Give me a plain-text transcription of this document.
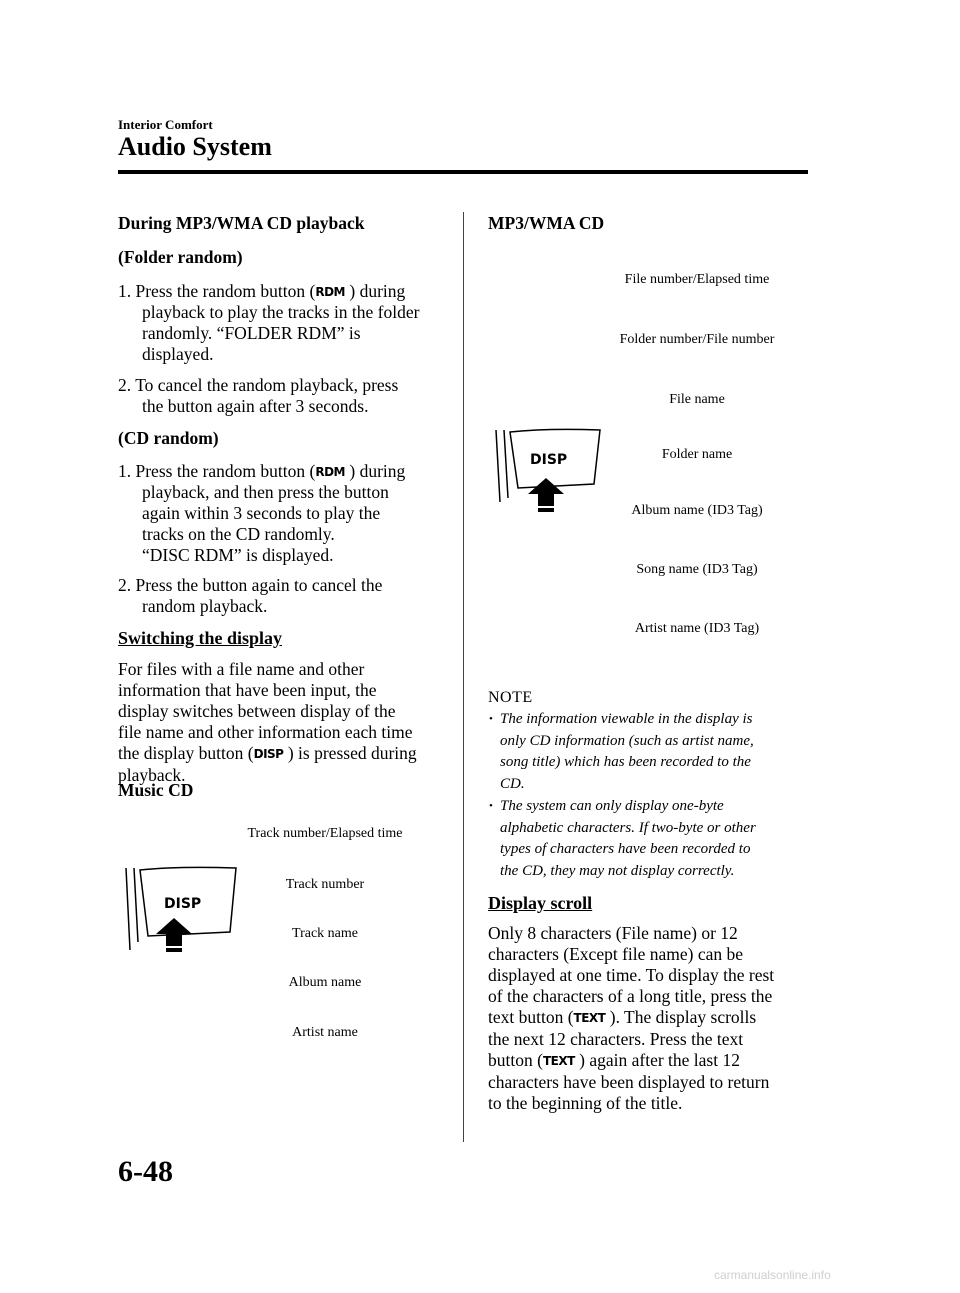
Interior Comfort
Audio System
During MP3/WMA CD playback
(Folder random)
1. Press the random button (RDM ) during
playback to play the tracks in the folder
randomly. “FOLDER RDM” is
displayed.
2. To cancel the random playback, press
the button again after 3 seconds.
(CD random)
1. Press the random button (RDM ) during
playback, and then press the button
again within 3 seconds to play the
tracks on the CD randomly.
“DISC RDM” is displayed.
2. Press the button again to cancel the
random playback.
Switching the display
For files with a file name and other
information that have been input, the
display switches between display of the
file name and other information each time
the display button (DISP ) is pressed during
playback.
Music CD
DISP
Track number/Elapsed time
Track number
Track name
Album name
Artist name
MP3/WMA CD
DISP
File number/Elapsed time
Folder number/File number
File name
Folder name
Album name (ID3 Tag)
Song name (ID3 Tag)
Artist name (ID3 Tag)
NOTE
• The information viewable in the display is
only CD information (such as artist name,
song title) which has been recorded to the
CD.
• The system can only display one-byte
alphabetic characters. If two-byte or other
types of characters have been recorded to
the CD, they may not display correctly.
Display scroll
Only 8 characters (File name) or 12
characters (Except file name) can be
displayed at one time. To display the rest
of the characters of a long title, press the
text button (TEXT ). The display scrolls
the next 12 characters. Press the text
button (TEXT ) again after the last 12
characters have been displayed to return
to the beginning of the title.
6-48
carmanualsonline.info
